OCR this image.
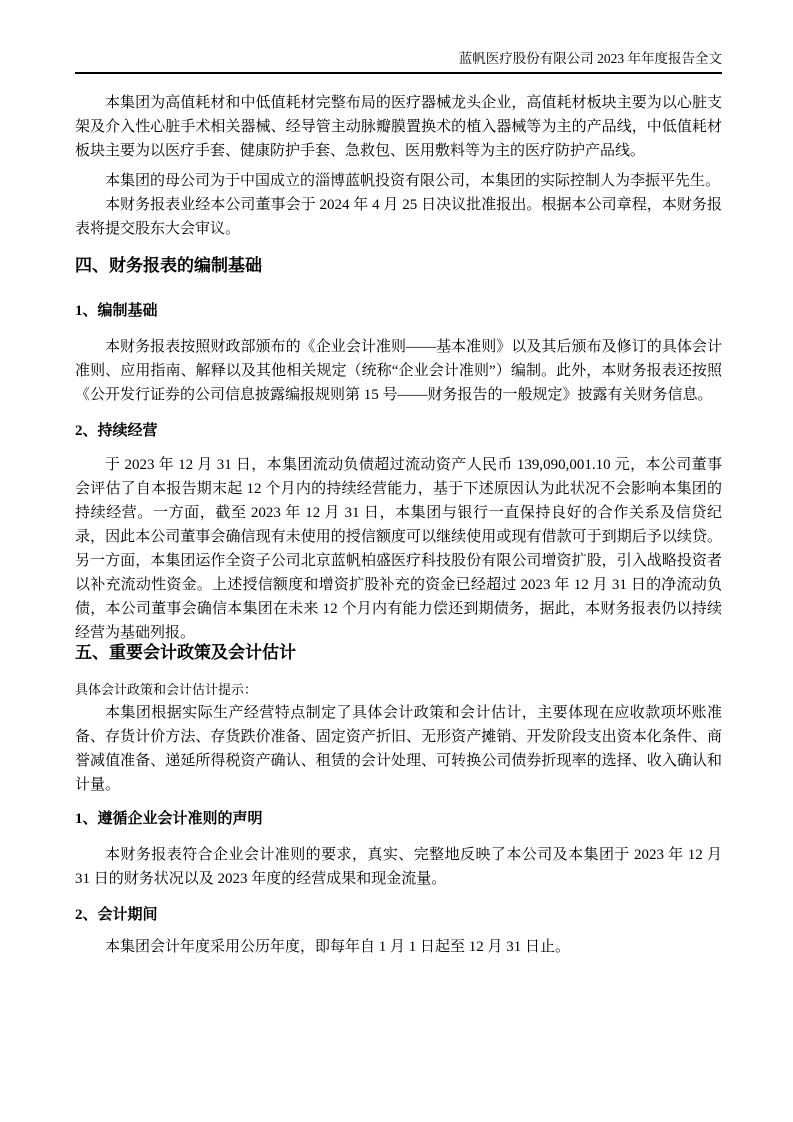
蓝帆医疗股份有限公司 2023 年年度报告全文

本集团为高值耗材和中低值耗材完整布局的医疗器械龙头企业，高值耗材板块主要为以心脏支架及介入性心脏手术相关器械、经导管主动脉瓣膜置换术的植入器械等为主的产品线，中低值耗材板块主要为以医疗手套、健康防护手套、急救包、医用敷料等为主的医疗防护产品线。

本集团的母公司为于中国成立的淄博蓝帆投资有限公司，本集团的实际控制人为李振平先生。

本财务报表业经本公司董事会于 2024 年 4 月 25 日决议批准报出。根据本公司章程，本财务报表将提交股东大会审议。

四、财务报表的编制基础
1、编制基础

本财务报表按照财政部颁布的《企业会计准则——基本准则》以及其后颁布及修订的具体会计准则、应用指南、解释以及其他相关规定（统称“企业会计准则”）编制。此外，本财务报表还按照《公开发行证券的公司信息披露编报规则第 15 号——财务报告的一般规定》披露有关财务信息。

2、持续经营

于 2023 年 12 月 31 日，本集团流动负债超过流动资产人民币 139,090,001.10 元，本公司董事会评估了自本报告期末起 12 个月内的持续经营能力，基于下述原因认为此状况不会影响本集团的持续经营。一方面，截至 2023 年 12 月 31 日，本集团与银行一直保持良好的合作关系及信贷纪录，因此本公司董事会确信现有未使用的授信额度可以继续使用或现有借款可于到期后予以续贷。另一方面，本集团运作全资子公司北京蓝帆柏盛医疗科技股份有限公司增资扩股，引入战略投资者以补充流动性资金。上述授信额度和增资扩股补充的资金已经超过 2023 年 12 月 31 日的净流动负债，本公司董事会确信本集团在未来 12 个月内有能力偿还到期债务，据此，本财务报表仍以持续经营为基础列报。

五、重要会计政策及会计估计

具体会计政策和会计估计提示：

本集团根据实际生产经营特点制定了具体会计政策和会计估计，主要体现在应收款项坏账准备、存货计价方法、存货跌价准备、固定资产折旧、无形资产摊销、开发阶段支出资本化条件、商誉减值准备、递延所得税资产确认、租赁的会计处理、可转换公司债券折现率的选择、收入确认和计量。

1、遵循企业会计准则的声明

本财务报表符合企业会计准则的要求，真实、完整地反映了本公司及本集团于 2023 年 12 月 31 日的财务状况以及 2023 年度的经营成果和现金流量。

2、会计期间

本集团会计年度采用公历年度，即每年自 1 月 1 日起至 12 月 31 日止。
